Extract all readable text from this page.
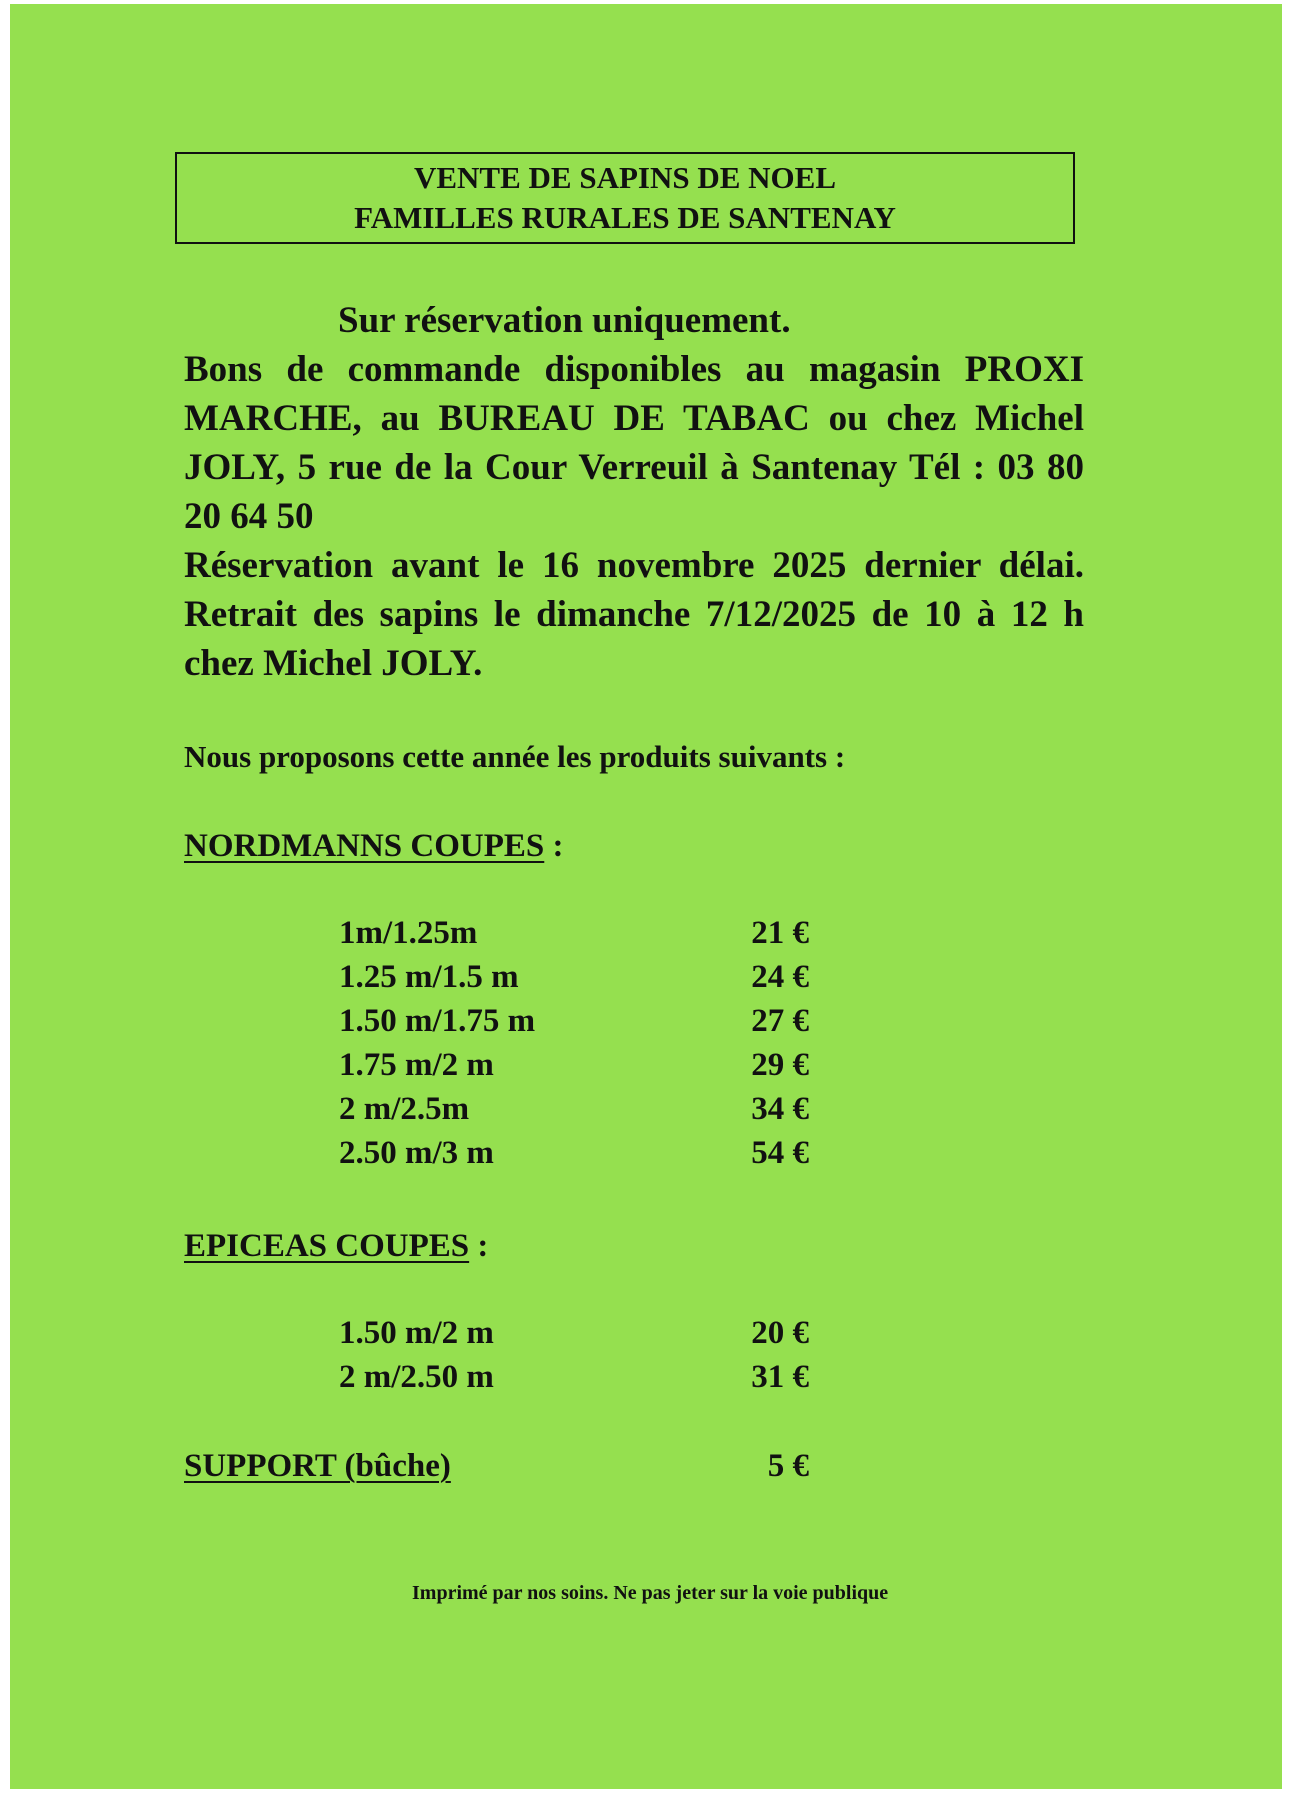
VENTE DE SAPINS DE NOEL
FAMILLES RURALES DE SANTENAY
Sur réservation uniquement.
Bons de commande disponibles au magasin PROXI MARCHE, au BUREAU DE TABAC ou chez Michel JOLY, 5 rue de la Cour Verreuil à Santenay Tél : 03 80 20 64 50
Réservation avant le 16 novembre 2025 dernier délai. Retrait des sapins le dimanche 7/12/2025 de 10 à 12 h chez Michel JOLY.
Nous proposons cette année les produits suivants :
NORDMANNS COUPES :
1m/1.25m	21 €
1.25 m/1.5 m	24 €
1.50 m/1.75 m	27 €
1.75 m/2 m	29 €
2 m/2.5m	34 €
2.50 m/3 m	54 €
EPICEAS COUPES :
1.50 m/2 m	20 €
2 m/2.50 m	31 €
SUPPORT (bûche)	5 €
Imprimé par nos soins. Ne pas jeter sur la voie publique
